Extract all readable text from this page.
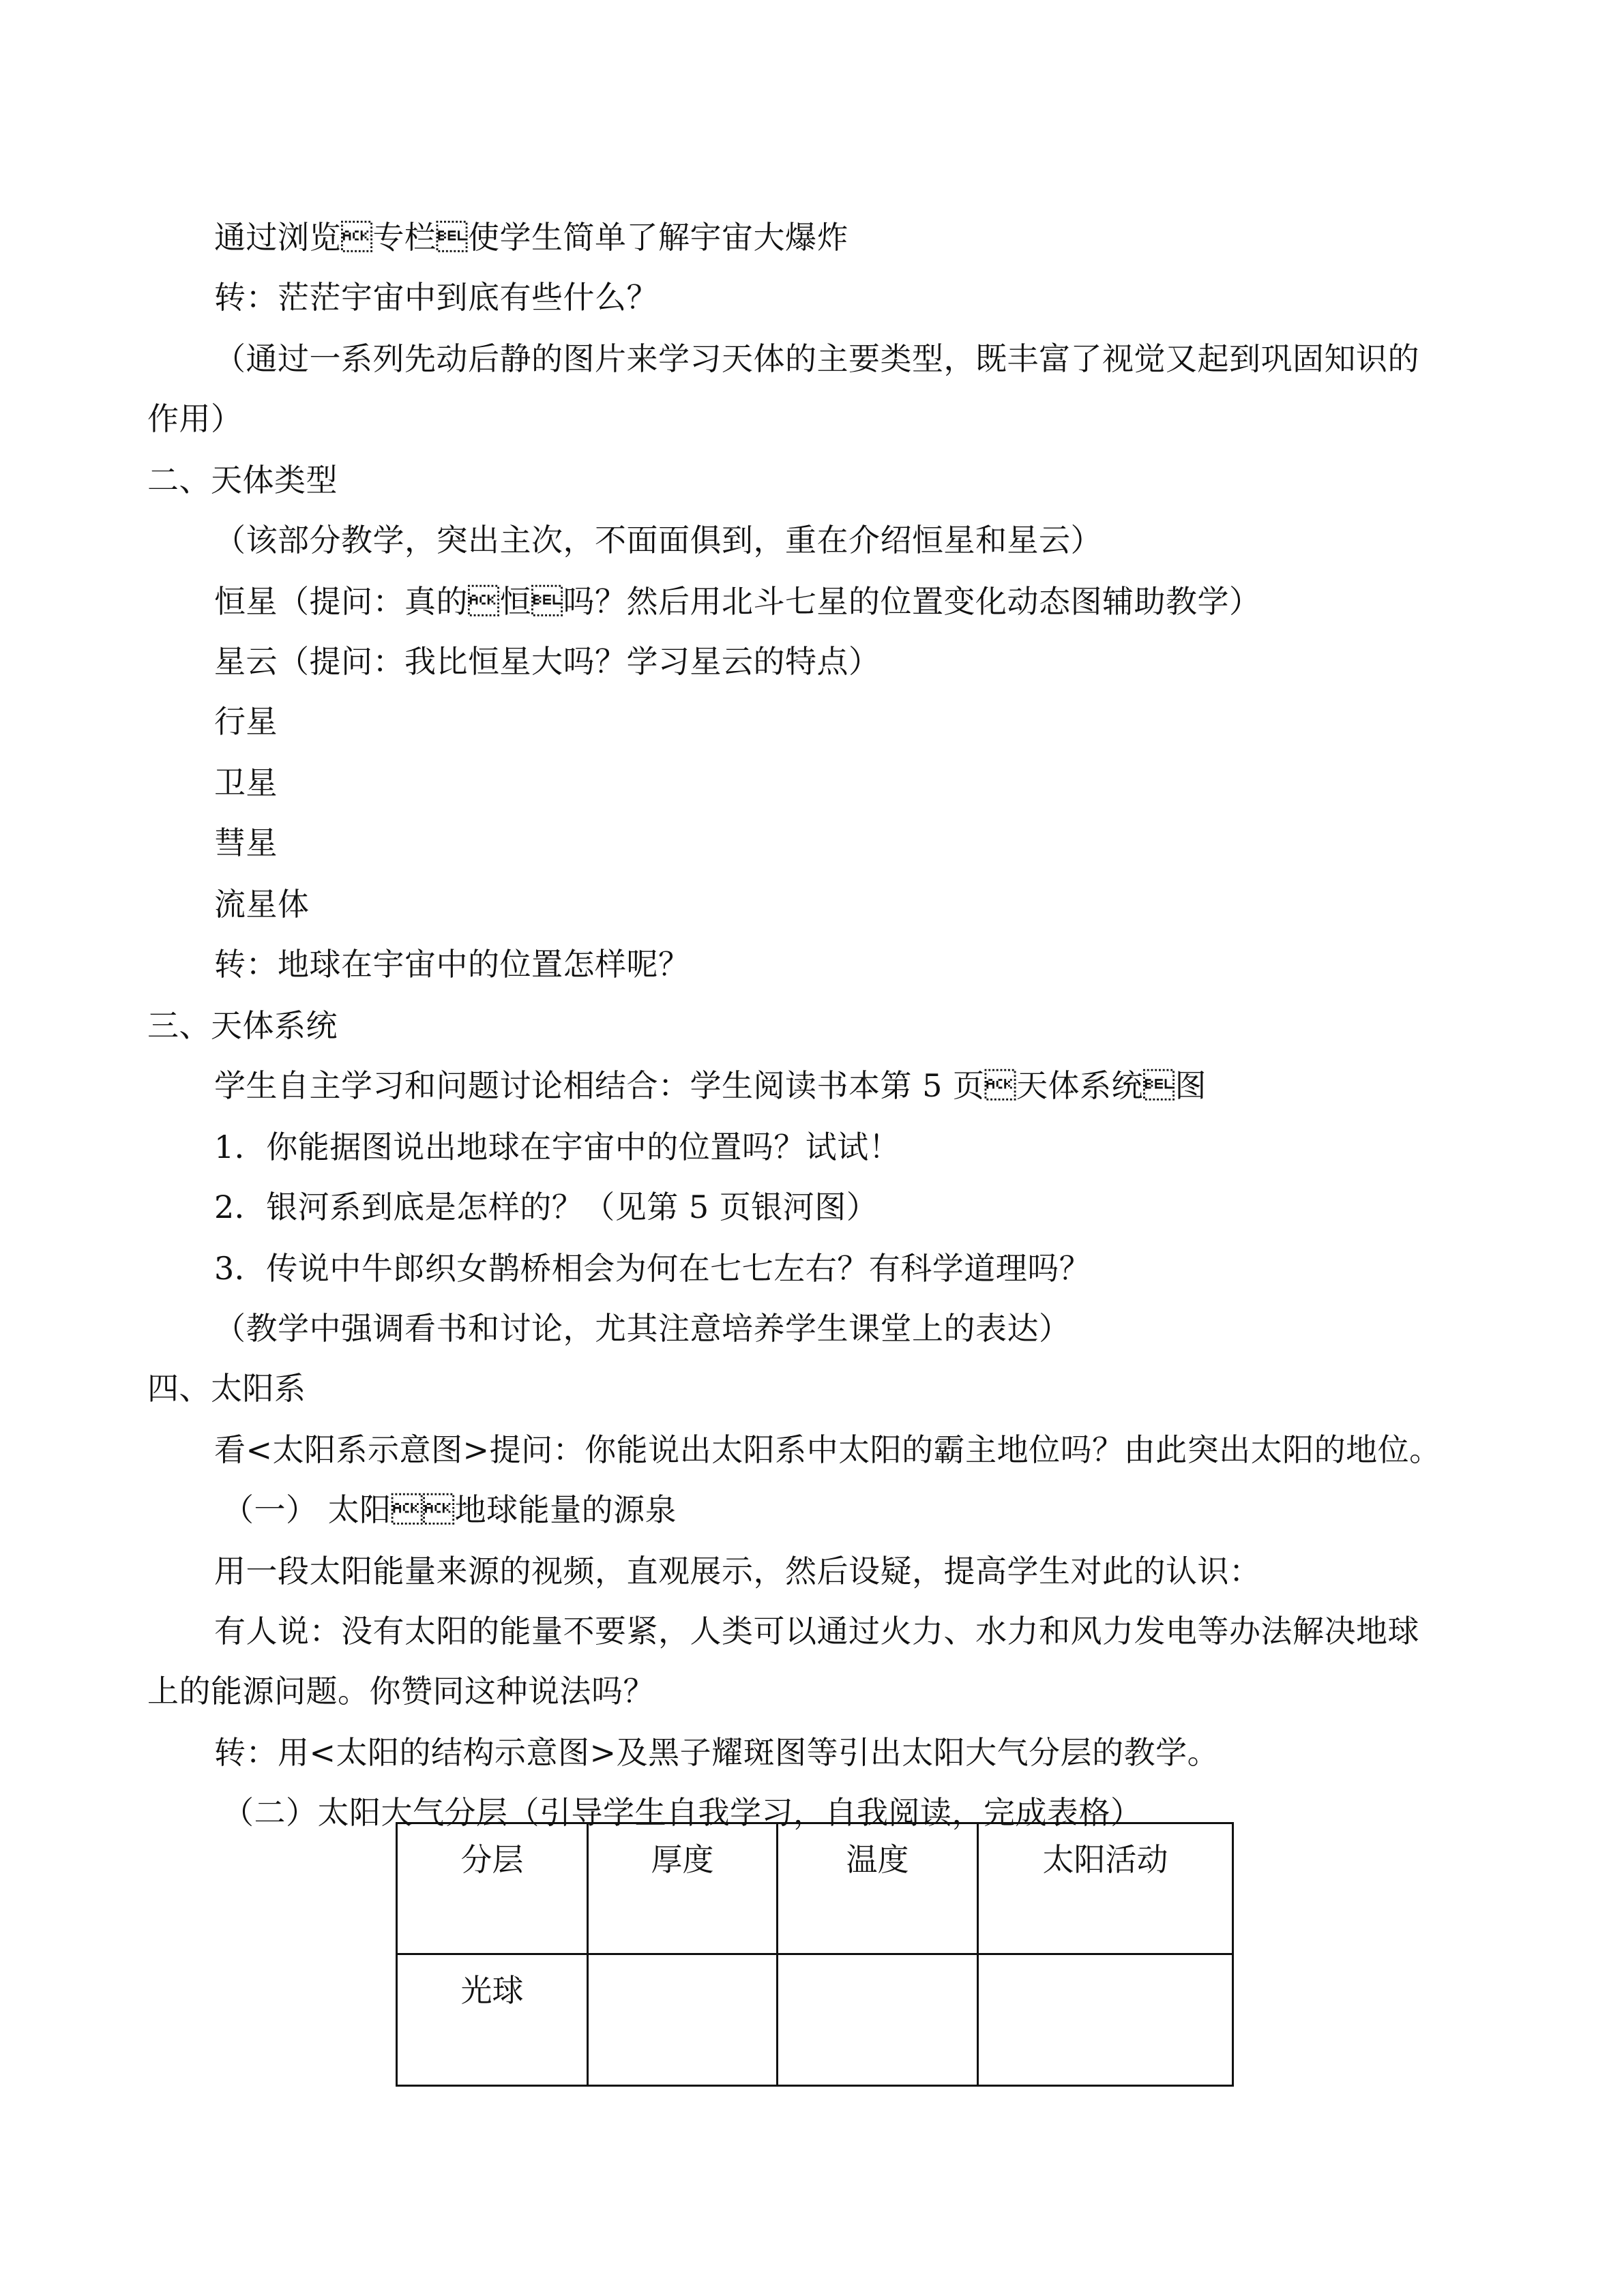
通过浏览专栏使学生简单了解宇宙大爆炸
转：茫茫宇宙中到底有些什么？
（通过一系列先动后静的图片来学习天体的主要类型，既丰富了视觉又起到巩固知识的
作用）
二、天体类型
（该部分教学，突出主次，不面面俱到，重在介绍恒星和星云）
恒星（提问：真的恒吗？然后用北斗七星的位置变化动态图辅助教学）
星云（提问：我比恒星大吗？学习星云的特点）
行星
卫星
彗星
流星体
转：地球在宇宙中的位置怎样呢？
三、天体系统
学生自主学习和问题讨论相结合：学生阅读书本第 5 页天体系统图
1．你能据图说出地球在宇宙中的位置吗？试试！
2．银河系到底是怎样的？（见第 5 页银河图）
3．传说中牛郎织女鹊桥相会为何在七七左右？有科学道理吗？
（教学中强调看书和讨论，尤其注意培养学生课堂上的表达）
四、太阳系
看<太阳系示意图>提问：你能说出太阳系中太阳的霸主地位吗？由此突出太阳的地位。
（一） 太阳地球能量的源泉
用一段太阳能量来源的视频，直观展示，然后设疑，提高学生对此的认识：
有人说：没有太阳的能量不要紧，人类可以通过火力、水力和风力发电等办法解决地球
上的能源问题。你赞同这种说法吗？
转：用<太阳的结构示意图>及黑子耀斑图等引出太阳大气分层的教学。
（二）太阳大气分层（引导学生自我学习，自我阅读，完成表格）
分层	厚度	温度	太阳活动
光球			
